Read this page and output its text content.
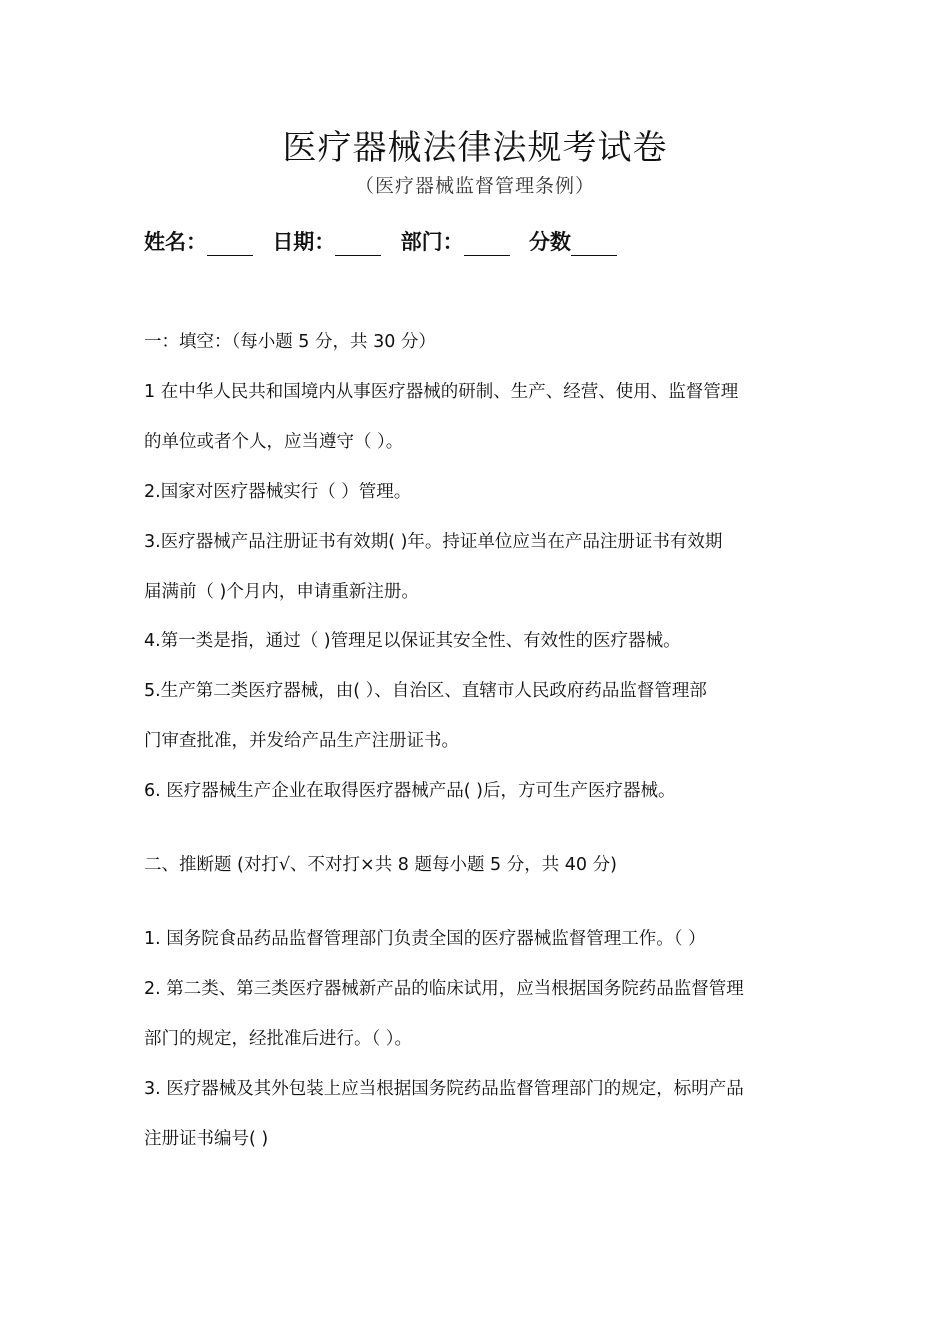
医疗器械法律法规考试卷
（医疗器械监督管理条例）
姓名：	日期：	部门：	分数
一：填空：（每小题 5 分，共 30 分）
1 在中华人民共和国境内从事医疗器械的研制、生产、经营、使用、监督管理
的单位或者个人，应当遵守（ ）。
2.国家对医疗器械实行（ ）管理。
3.医疗器械产品注册证书有效期( )年。持证单位应当在产品注册证书有效期
届满前（ )个月内，申请重新注册。
4.第一类是指，通过（ )管理足以保证其安全性、有效性的医疗器械。
5.生产第二类医疗器械，由( ）、自治区、直辖市人民政府药品监督管理部
门审查批准，并发给产品生产注册证书。
6. 医疗器械生产企业在取得医疗器械产品( )后，方可生产医疗器械。
二、推断题 (对打√、不对打×共 8 题每小题 5 分，共 40 分)
1. 国务院食品药品监督管理部门负责全国的医疗器械监督管理工作。（ ）
2. 第二类、第三类医疗器械新产品的临床试用，应当根据国务院药品监督管理
部门的规定，经批准后进行。（ ）。
3. 医疗器械及其外包装上应当根据国务院药品监督管理部门的规定，标明产品
注册证书编号( )
